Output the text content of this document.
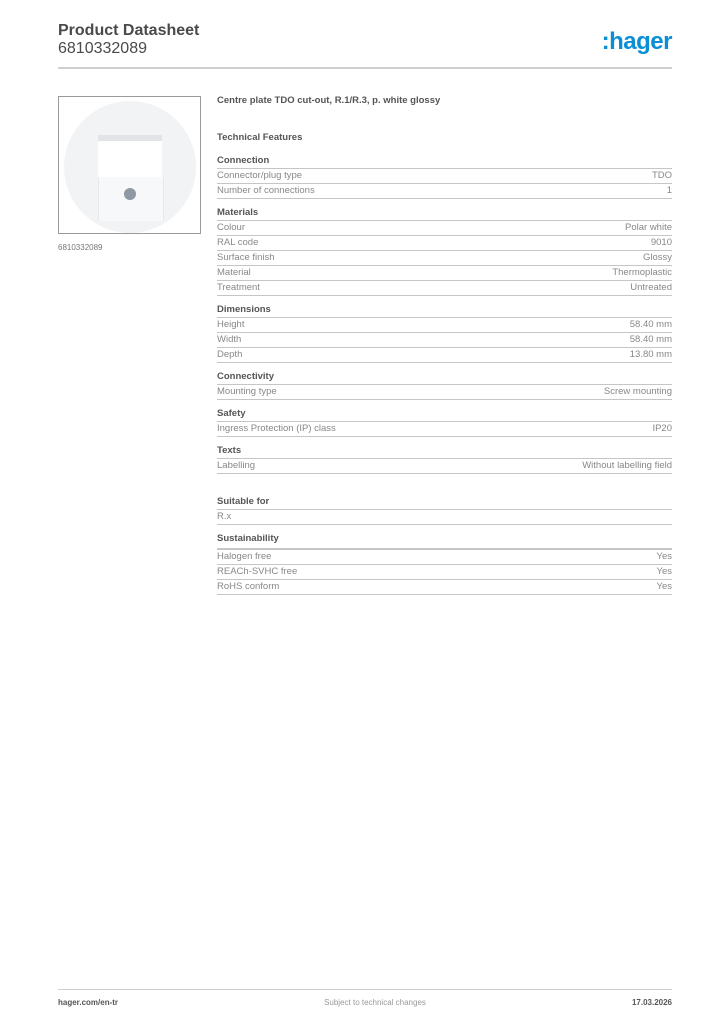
Product Datasheet
6810332089	:hager
6810332089
Centre plate TDO cut-out, R.1/R.3, p. white glossy
Technical Features
Connection
Connector/plug type	TDO
Number of connections	1
Materials
Colour	Polar white
RAL code	9010
Surface finish	Glossy
Material	Thermoplastic
Treatment	Untreated
Dimensions
Height	58.40 mm
Width	58.40 mm
Depth	13.80 mm
Connectivity
Mounting type	Screw mounting
Safety
Ingress Protection (IP) class	IP20
Texts
Labelling	Without labelling field
Suitable for
R.x
Sustainability
Halogen free	Yes
REACh-SVHC free	Yes
RoHS conform	Yes
hager.com/en-tr	Subject to technical changes	17.03.2026
